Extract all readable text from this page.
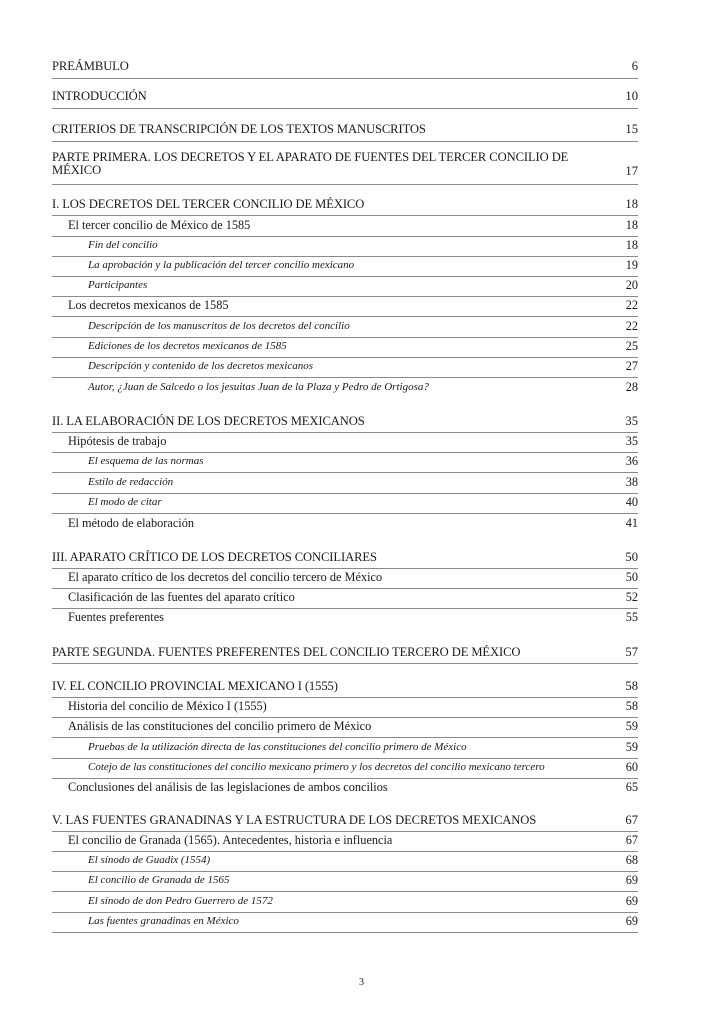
PREÁMBULO	6
INTRODUCCIÓN	10
CRITERIOS DE TRANSCRIPCIÓN DE LOS TEXTOS MANUSCRITOS	15
PARTE PRIMERA. LOS DECRETOS Y EL APARATO DE FUENTES DEL TERCER CONCILIO DE MÉXICO	17
I. LOS DECRETOS DEL TERCER CONCILIO DE MÉXICO	18
El tercer concilio de México de 1585	18
Fin del concilio	18
La aprobación y la publicación del tercer concilio mexicano	19
Participantes	20
Los decretos mexicanos de 1585	22
Descripción de los manuscritos de los decretos del concilio	22
Ediciones de los decretos mexicanos de 1585	25
Descripción y contenido de los decretos mexicanos	27
Autor, ¿Juan de Salcedo o los jesuitas Juan de la Plaza y Pedro de Ortigosa?	28
II. LA ELABORACIÓN DE LOS DECRETOS MEXICANOS	35
Hipótesis de trabajo	35
El esquema de las normas	36
Estilo de redacción	38
El modo de citar	40
El método de elaboración	41
III. APARATO CRÍTICO DE LOS DECRETOS CONCILIARES	50
El aparato crítico de los decretos del concilio tercero de México	50
Clasificación de las fuentes del aparato crítico	52
Fuentes preferentes	55
PARTE SEGUNDA. FUENTES PREFERENTES DEL CONCILIO TERCERO DE MÉXICO	57
IV. EL CONCILIO PROVINCIAL MEXICANO I (1555)	58
Historia del concilio de México I (1555)	58
Análisis de las constituciones del concilio primero de México	59
Pruebas de la utilización directa de las constituciones del concilio primero de México	59
Cotejo de las constituciones del concilio mexicano primero y los decretos del concilio mexicano tercero	60
Conclusiones del análisis de las legislaciones de ambos concilios	65
V. LAS FUENTES GRANADINAS Y LA ESTRUCTURA DE LOS DECRETOS MEXICANOS	67
El concilio de Granada (1565). Antecedentes, historia e influencia	67
El sínodo de Guadix (1554)	68
El concilio de Granada de 1565	69
El sínodo de don Pedro Guerrero de 1572	69
Las fuentes granadinas en México	69
3
